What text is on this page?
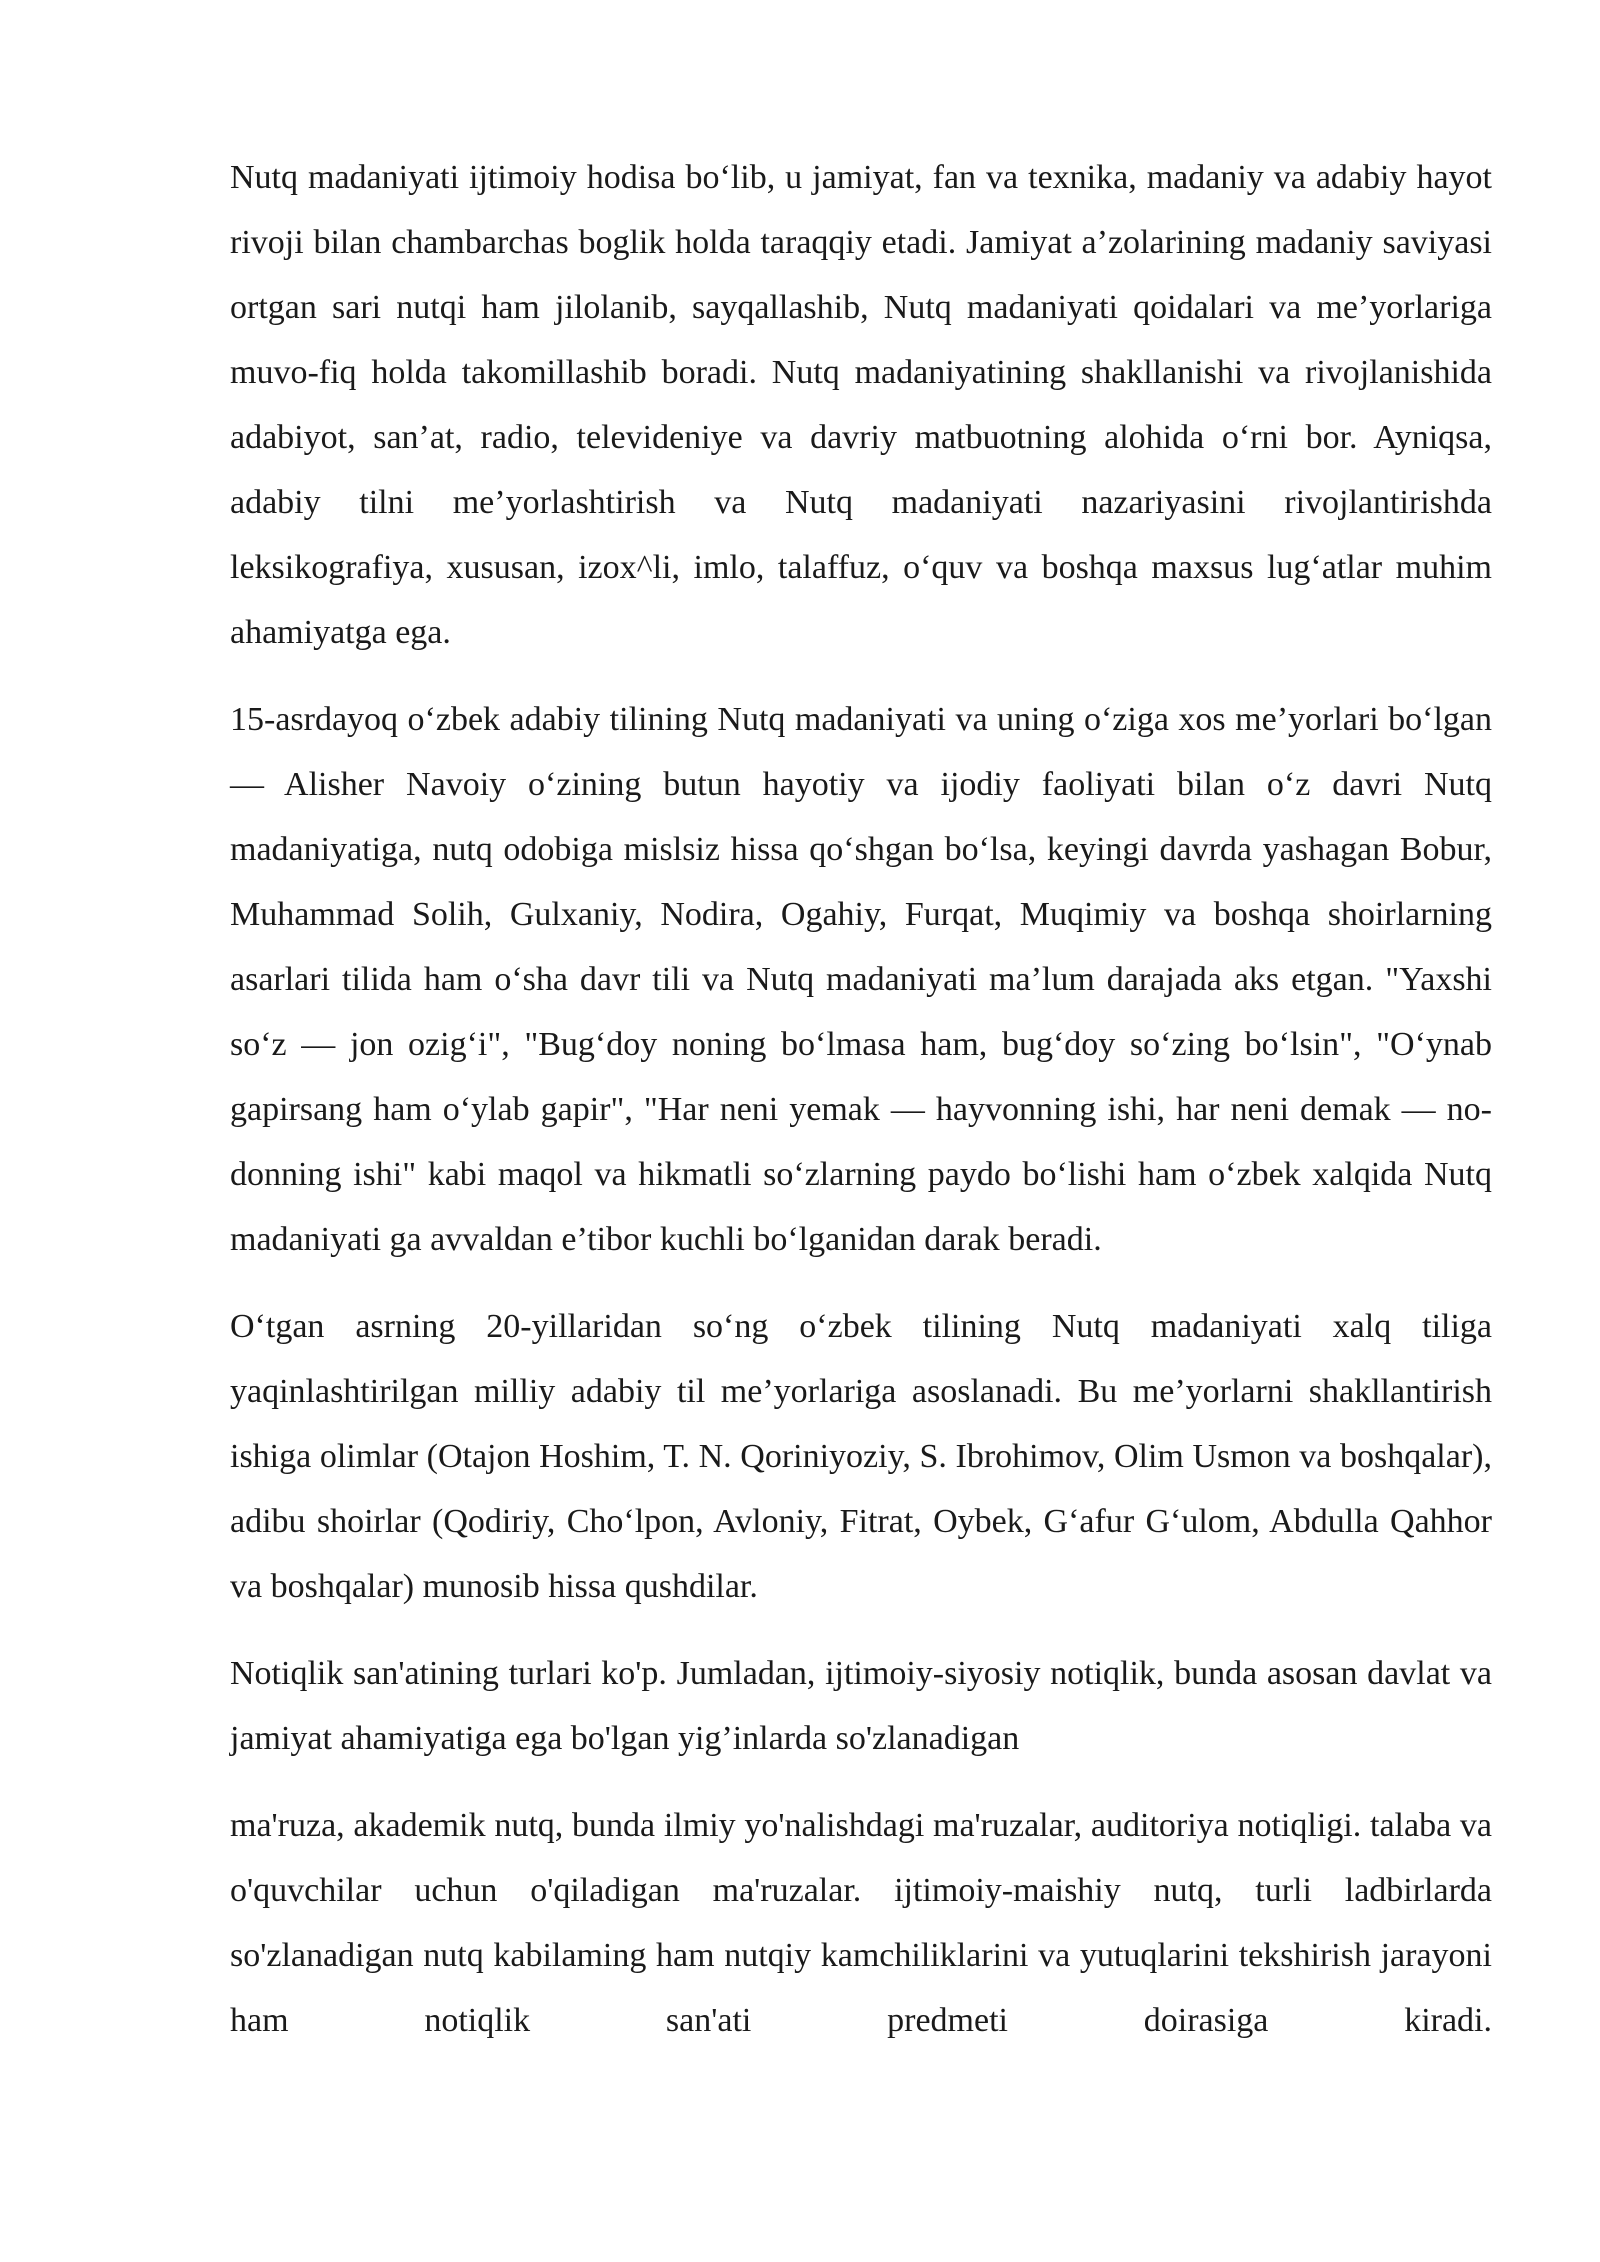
Nutq madaniyati ijtimoiy hodisa bo‘lib, u jamiyat, fan va texnika, madaniy va adabiy hayot rivoji bilan chambarchas boglik holda taraqqiy etadi. Jamiyat a’zolarining madaniy saviyasi ortgan sari nutqi ham jilolanib, sayqallashib, Nutq madaniyati qoidalari va me’yorlariga muvo-fiq holda takomillashib boradi. Nutq madaniyatining shakllanishi va rivojlanishida adabiyot, san’at, radio, televideniye va davriy matbuotning alohida o‘rni bor. Ayniqsa, adabiy tilni me’yorlashtirish va Nutq madaniyati nazariyasini rivojlantirishda leksikografiya, xususan, izox^li, imlo, talaffuz, o‘quv va boshqa maxsus lug‘atlar muhim ahamiyatga ega.

15-asrdayoq o‘zbek adabiy tilining Nutq madaniyati va uning o‘ziga xos me’yorlari bo‘lgan — Alisher Navoiy o‘zining butun hayotiy va ijodiy faoliyati bilan o‘z davri Nutq madaniyatiga, nutq odobiga mislsiz hissa qo‘shgan bo‘lsa, keyingi davrda yashagan Bobur, Muhammad Solih, Gulxaniy, Nodira, Ogahiy, Furqat, Muqimiy va boshqa shoirlarning asarlari tilida ham o‘sha davr tili va Nutq madaniyati ma’lum darajada aks etgan. "Yaxshi so‘z — jon ozig‘i", "Bug‘doy noning bo‘lmasa ham, bug‘doy so‘zing bo‘lsin", "O‘ynab gapirsang ham o‘ylab gapir", "Har neni yemak — hayvonning ishi, har neni demak — no-donning ishi" kabi maqol va hikmatli so‘zlarning paydo bo‘lishi ham o‘zbek xalqida Nutq madaniyati ga avvaldan e’tibor kuchli bo‘lganidan darak beradi.

O‘tgan asrning 20-yillaridan so‘ng o‘zbek tilining Nutq madaniyati xalq tiliga yaqinlashtirilgan milliy adabiy til me’yorlariga asoslanadi. Bu me’yorlarni shakllantirish ishiga olimlar (Otajon Hoshim, T. N. Qoriniyoziy, S. Ibrohimov, Olim Usmon va boshqalar), adibu shoirlar (Qodiriy, Cho‘lpon, Avloniy, Fitrat, Oybek, G‘afur G‘ulom, Abdulla Qahhor va boshqalar) munosib hissa qushdilar.

Notiqlik san'atining turlari ko'p. Jumladan, ijtimoiy-siyosiy notiqlik, bunda asosan davlat va jamiyat ahamiyatiga ega bo'lgan yig’inlarda so'zlanadigan

ma'ruza, akademik nutq, bunda ilmiy yo'nalishdagi ma'ruzalar, auditoriya notiqligi. talaba va o'quvchilar uchun o'qiladigan ma'ruzalar. ijtimoiy-maishiy nutq, turli ladbirlarda so'zlanadigan nutq kabilaming ham nutqiy kamchiliklarini va yutuqlarini tekshirish jarayoni ham notiqlik san'ati predmeti doirasiga kiradi.
